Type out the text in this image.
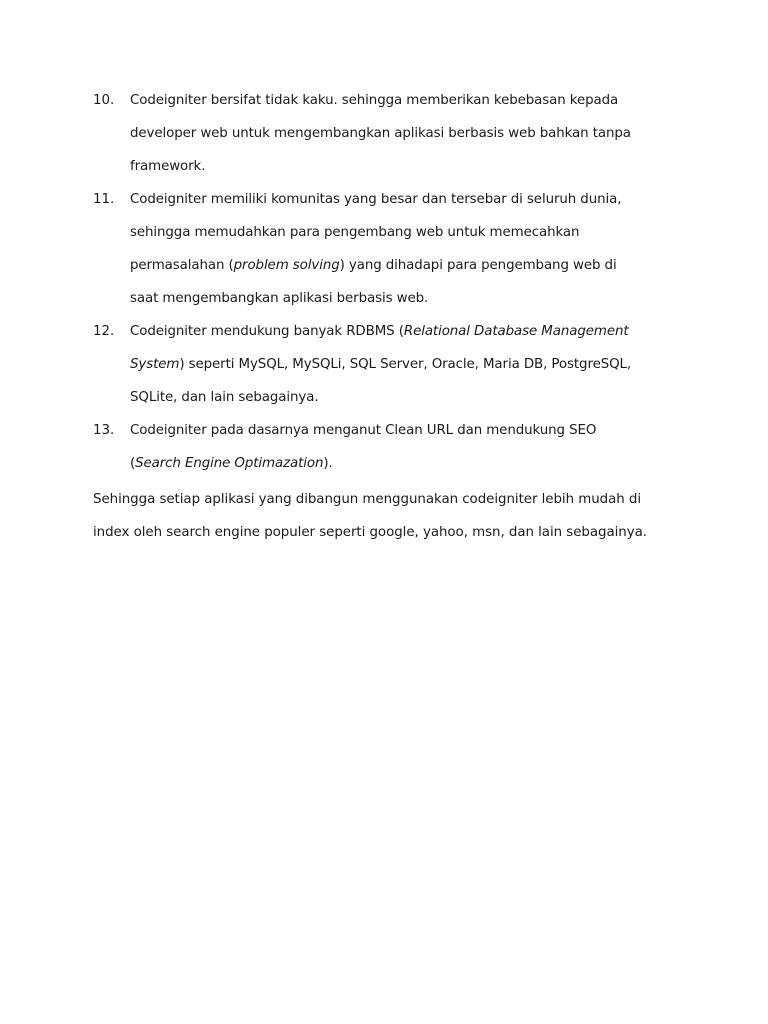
10. Codeigniter bersifat tidak kaku. sehingga memberikan kebebasan kepada
developer web untuk mengembangkan aplikasi berbasis web bahkan tanpa
framework.
11. Codeigniter memiliki komunitas yang besar dan tersebar di seluruh dunia,
sehingga memudahkan para pengembang web untuk memecahkan
permasalahan (problem solving) yang dihadapi para pengembang web di
saat mengembangkan aplikasi berbasis web.
12. Codeigniter mendukung banyak RDBMS (Relational Database Management
System) seperti MySQL, MySQLi, SQL Server, Oracle, Maria DB, PostgreSQL,
SQLite, dan lain sebagainya.
13. Codeigniter pada dasarnya menganut Clean URL dan mendukung SEO
(Search Engine Optimazation).
Sehingga setiap aplikasi yang dibangun menggunakan codeigniter lebih mudah di
index oleh search engine populer seperti google, yahoo, msn, dan lain sebagainya.
